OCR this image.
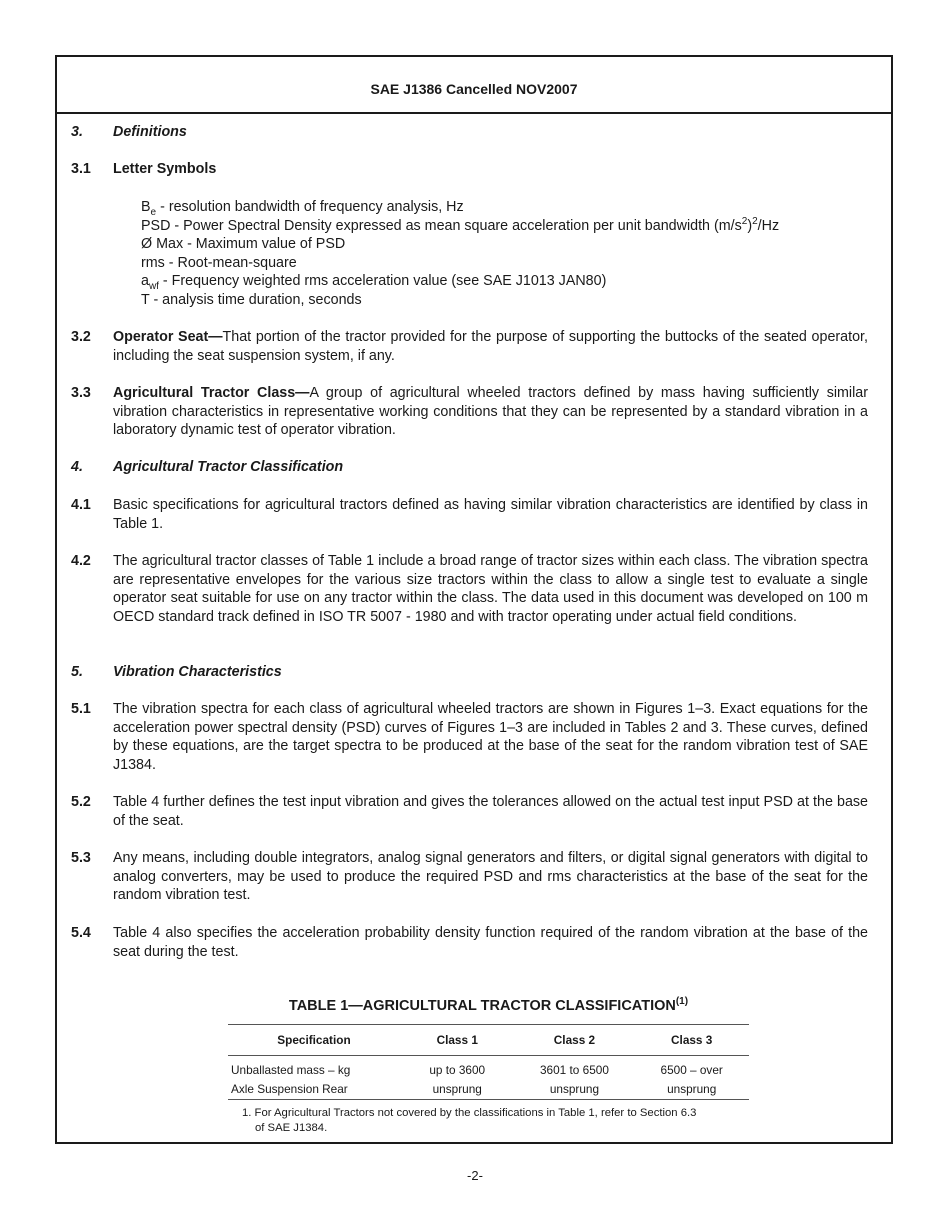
SAE J1386 Cancelled NOV2007
3. Definitions
3.1 Letter Symbols
$B_e$ - resolution bandwidth of frequency analysis, Hz
PSD - Power Spectral Density expressed as mean square acceleration per unit bandwidth $(m/s^2)^2/Hz$
Ø Max - Maximum value of PSD
rms - Root-mean-square
$a_{wf}$ - Frequency weighted rms acceleration value (see SAE J1013 JAN80)
T - analysis time duration, seconds
3.2 Operator Seat—That portion of the tractor provided for the purpose of supporting the buttocks of the seated operator, including the seat suspension system, if any.
3.3 Agricultural Tractor Class—A group of agricultural wheeled tractors defined by mass having sufficiently similar vibration characteristics in representative working conditions that they can be represented by a standard vibration in a laboratory dynamic test of operator vibration.
4. Agricultural Tractor Classification
4.1 Basic specifications for agricultural tractors defined as having similar vibration characteristics are identified by class in Table 1.
4.2 The agricultural tractor classes of Table 1 include a broad range of tractor sizes within each class. The vibration spectra are representative envelopes for the various size tractors within the class to allow a single test to evaluate a single operator seat suitable for use on any tractor within the class. The data used in this document was developed on 100 m OECD standard track defined in ISO TR 5007 - 1980 and with tractor operating under actual field conditions.
5. Vibration Characteristics
5.1 The vibration spectra for each class of agricultural wheeled tractors are shown in Figures 1–3. Exact equations for the acceleration power spectral density (PSD) curves of Figures 1–3 are included in Tables 2 and 3. These curves, defined by these equations, are the target spectra to be produced at the base of the seat for the random vibration test of SAE J1384.
5.2 Table 4 further defines the test input vibration and gives the tolerances allowed on the actual test input PSD at the base of the seat.
5.3 Any means, including double integrators, analog signal generators and filters, or digital signal generators with digital to analog converters, may be used to produce the required PSD and rms characteristics at the base of the seat for the random vibration test.
5.4 Table 4 also specifies the acceleration probability density function required of the random vibration at the base of the seat during the test.
TABLE 1—AGRICULTURAL TRACTOR CLASSIFICATION$^{(1)}$
Specification	Class 1	Class 2	Class 3
Unballasted mass – kg	up to 3600	3601 to 6500	6500 – over
Axle Suspension Rear	unsprung	unsprung	unsprung
1. For Agricultural Tractors not covered by the classifications in Table 1, refer to Section 6.3
of SAE J1384.
-2-
